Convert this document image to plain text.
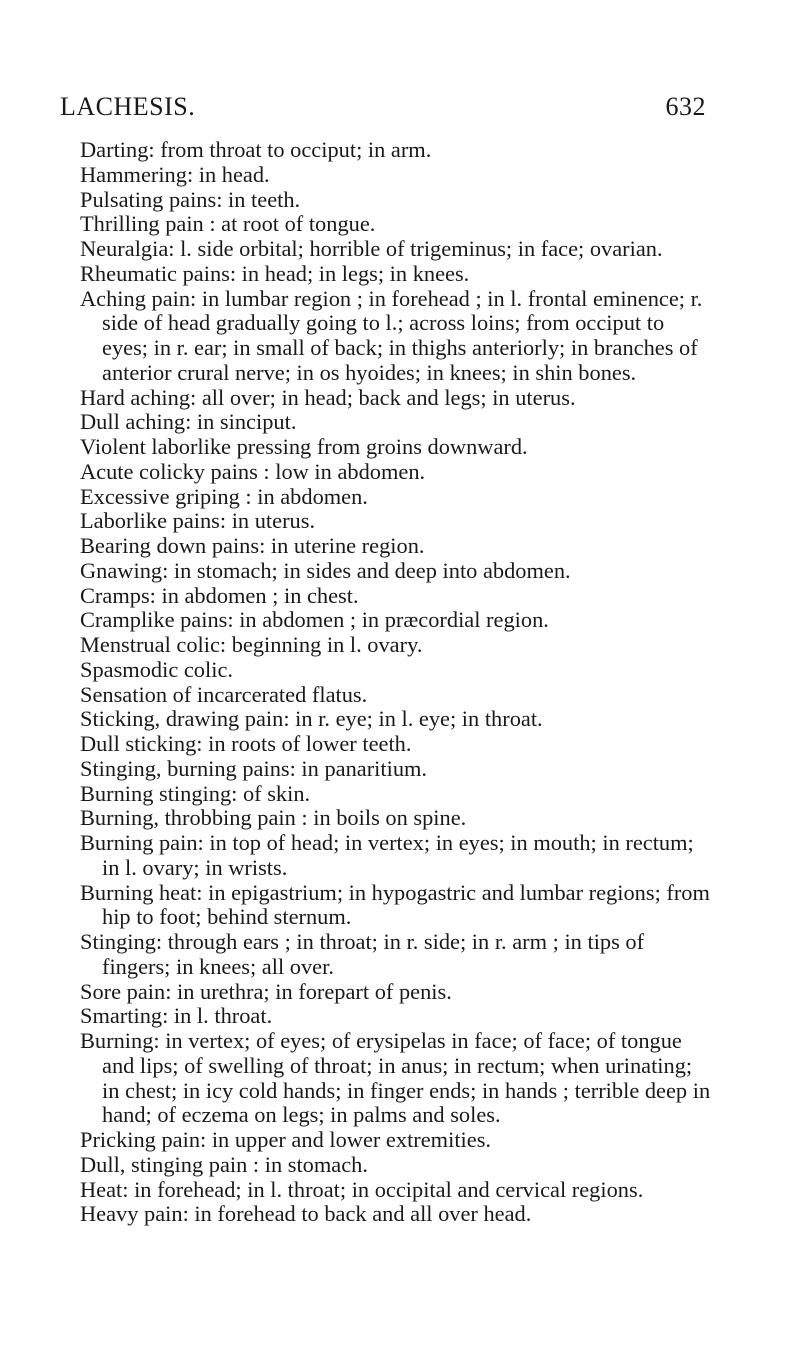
LACHESIS.	632
Darting: from throat to occiput; in arm.
Hammering: in head.
Pulsating pains: in teeth.
Thrilling pain : at root of tongue.
Neuralgia: l. side orbital; horrible of trigeminus; in face; ovarian.
Rheumatic pains: in head; in legs; in knees.
Aching pain: in lumbar region ; in forehead ; in l. frontal eminence; r. side of head gradually going to l.; across loins; from occiput to eyes; in r. ear; in small of back; in thighs anteriorly; in branches of anterior crural nerve; in os hyoides; in knees; in shin bones.
Hard aching: all over; in head; back and legs; in uterus.
Dull aching: in sinciput.
Violent laborlike pressing from groins downward.
Acute colicky pains : low in abdomen.
Excessive griping : in abdomen.
Laborlike pains: in uterus.
Bearing down pains: in uterine region.
Gnawing: in stomach; in sides and deep into abdomen.
Cramps: in abdomen ; in chest.
Cramplike pains: in abdomen ; in præcordial region.
Menstrual colic: beginning in l. ovary.
Spasmodic colic.
Sensation of incarcerated flatus.
Sticking, drawing pain: in r. eye; in l. eye; in throat.
Dull sticking: in roots of lower teeth.
Stinging, burning pains: in panaritium.
Burning stinging: of skin.
Burning, throbbing pain : in boils on spine.
Burning pain: in top of head; in vertex; in eyes; in mouth; in rectum; in l. ovary; in wrists.
Burning heat: in epigastrium; in hypogastric and lumbar regions; from hip to foot; behind sternum.
Stinging: through ears ; in throat; in r. side; in r. arm ; in tips of fingers; in knees; all over.
Sore pain: in urethra; in forepart of penis.
Smarting: in l. throat.
Burning: in vertex; of eyes; of erysipelas in face; of face; of tongue and lips; of swelling of throat; in anus; in rectum; when urinating; in chest; in icy cold hands; in finger ends; in hands ; terrible deep in hand; of eczema on legs; in palms and soles.
Pricking pain: in upper and lower extremities.
Dull, stinging pain : in stomach.
Heat: in forehead; in l. throat; in occipital and cervical regions.
Heavy pain: in forehead to back and all over head.
